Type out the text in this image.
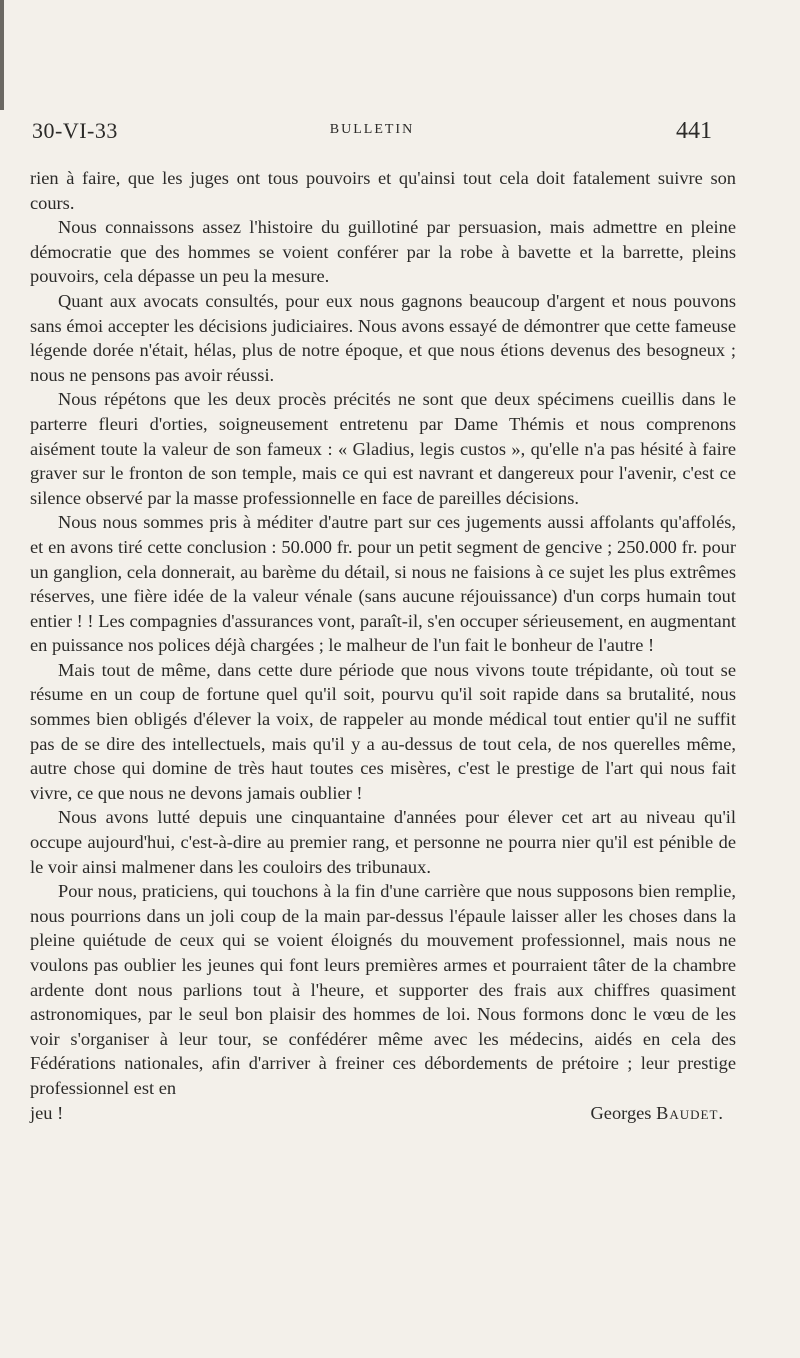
30-VI-33	BULLETIN	441

rien à faire, que les juges ont tous pouvoirs et qu'ainsi tout cela doit fatalement suivre son cours.

Nous connaissons assez l'histoire du guillotiné par persuasion, mais admettre en pleine démocratie que des hommes se voient conférer par la robe à bavette et la barrette, pleins pouvoirs, cela dépasse un peu la mesure.

Quant aux avocats consultés, pour eux nous gagnons beaucoup d'argent et nous pouvons sans émoi accepter les décisions judiciaires. Nous avons essayé de démontrer que cette fameuse légende dorée n'était, hélas, plus de notre époque, et que nous étions devenus des besogneux ; nous ne pensons pas avoir réussi.

Nous répétons que les deux procès précités ne sont que deux spécimens cueillis dans le parterre fleuri d'orties, soigneusement entretenu par Dame Thémis et nous comprenons aisément toute la valeur de son fameux : « Gladius, legis custos », qu'elle n'a pas hésité à faire graver sur le fronton de son temple, mais ce qui est navrant et dangereux pour l'avenir, c'est ce silence observé par la masse professionnelle en face de pareilles décisions.

Nous nous sommes pris à méditer d'autre part sur ces jugements aussi affolants qu'affolés, et en avons tiré cette conclusion : 50.000 fr. pour un petit segment de gencive ; 250.000 fr. pour un ganglion, cela donnerait, au barème du détail, si nous ne faisions à ce sujet les plus extrêmes réserves, une fière idée de la valeur vénale (sans aucune réjouissance) d'un corps humain tout entier ! ! Les compagnies d'assurances vont, paraît-il, s'en occuper sérieusement, en augmentant en puissance nos polices déjà chargées ; le malheur de l'un fait le bonheur de l'autre !

Mais tout de même, dans cette dure période que nous vivons toute trépidante, où tout se résume en un coup de fortune quel qu'il soit, pourvu qu'il soit rapide dans sa brutalité, nous sommes bien obligés d'élever la voix, de rappeler au monde médical tout entier qu'il ne suffit pas de se dire des intellectuels, mais qu'il y a au-dessus de tout cela, de nos querelles même, autre chose qui domine de très haut toutes ces misères, c'est le prestige de l'art qui nous fait vivre, ce que nous ne devons jamais oublier !

Nous avons lutté depuis une cinquantaine d'années pour élever cet art au niveau qu'il occupe aujourd'hui, c'est-à-dire au premier rang, et personne ne pourra nier qu'il est pénible de le voir ainsi malmener dans les couloirs des tribunaux.

Pour nous, praticiens, qui touchons à la fin d'une carrière que nous supposons bien remplie, nous pourrions dans un joli coup de la main par-dessus l'épaule laisser aller les choses dans la pleine quiétude de ceux qui se voient éloignés du mouvement professionnel, mais nous ne voulons pas oublier les jeunes qui font leurs premières armes et pourraient tâter de la chambre ardente dont nous parlions tout à l'heure, et supporter des frais aux chiffres quasiment astronomiques, par le seul bon plaisir des hommes de loi. Nous formons donc le vœu de les voir s'organiser à leur tour, se confédérer même avec les médecins, aidés en cela des Fédérations nationales, afin d'arriver à freiner ces débordements de prétoire ; leur prestige professionnel est en

jeu !	Georges Baudet.
